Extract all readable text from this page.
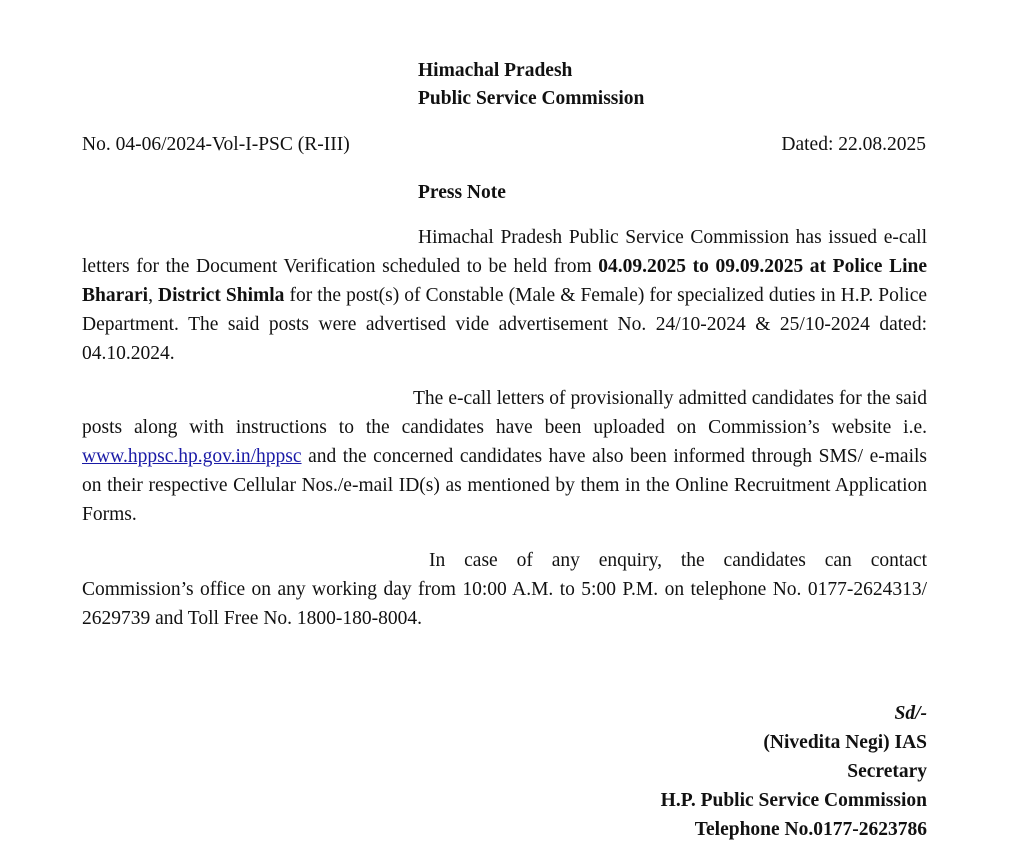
Himachal Pradesh
Public Service Commission
No. 04-06/2024-Vol-I-PSC (R-III)	Dated: 22.08.2025
Press Note

Himachal Pradesh Public Service Commission has issued e-call letters for the Document Verification scheduled to be held from 04.09.2025 to 09.09.2025 at Police Line Bharari, District Shimla for the post(s) of Constable (Male & Female) for specialized duties in H.P. Police Department. The said posts were advertised vide advertisement No. 24/10-2024 & 25/10-2024 dated: 04.10.2024.

The e-call letters of provisionally admitted candidates for the said posts along with instructions to the candidates have been uploaded on Commission’s website i.e. www.hppsc.hp.gov.in/hppsc and the concerned candidates have also been informed through SMS/ e-mails on their respective Cellular Nos./e-mail ID(s) as mentioned by them in the Online Recruitment Application Forms.

In case of any enquiry, the candidates can contact Commission’s office on any working day from 10:00 A.M. to 5:00 P.M. on telephone No. 0177-2624313/ 2629739 and Toll Free No. 1800-180-8004.

Sd/-
(Nivedita Negi) IAS
Secretary
H.P. Public Service Commission
Telephone No.0177-2623786
